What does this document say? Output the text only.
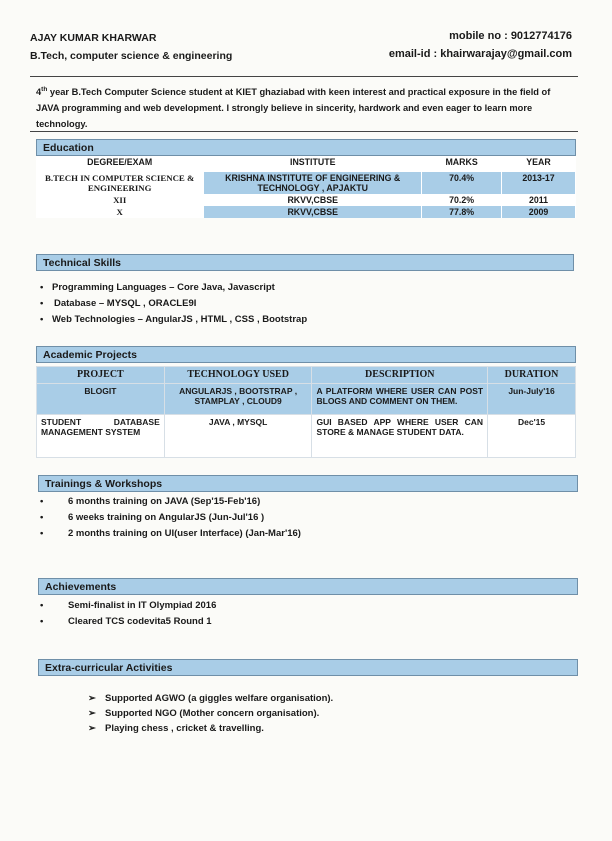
AJAY KUMAR KHARWAR
B.Tech, computer science & engineering
mobile no : 9012774176
email-id : khairwarajay@gmail.com
4th year B.Tech Computer Science student at KIET ghaziabad with keen interest and practical exposure in the field of JAVA programming and web development. I strongly believe in sincerity, hardwork and even eager to learn more technology.
Education
DEGREE/EXAM	INSTITUTE	MARKS	YEAR
B.TECH IN COMPUTER SCIENCE & ENGINEERING	KRISHNA INSTITUTE OF ENGINEERING & TECHNOLOGY , APJAKTU	70.4%	2013-17
XII	RKVV,CBSE	70.2%	2011
X	RKVV,CBSE	77.8%	2009
Technical Skills
• Programming Languages – Core Java, Javascript
• Database – MYSQL , ORACLE9I
• Web Technologies – AngularJS , HTML , CSS , Bootstrap
Academic Projects
PROJECT	TECHNOLOGY USED	DESCRIPTION	DURATION
BLOGIT	ANGULARJS , BOOTSTRAP , STAMPLAY , CLOUD9	A PLATFORM WHERE USER CAN POST BLOGS AND COMMENT ON THEM.	Jun-July'16
STUDENT DATABASE MANAGEMENT SYSTEM	JAVA , MYSQL	GUI BASED APP WHERE USER CAN STORE & MANAGE STUDENT DATA.	Dec'15
Trainings & Workshops
•	6 months training on JAVA (Sep'15-Feb'16)
•	6 weeks training on AngularJS (Jun-Jul'16 )
•	2 months training on UI(user Interface) (Jan-Mar'16)
Achievements
•	Semi-finalist in IT Olympiad 2016
•	Cleared TCS codevita5 Round 1
Extra-curricular Activities
➢ Supported AGWO (a giggles welfare organisation).
➢ Supported NGO (Mother concern organisation).
➢ Playing chess , cricket & travelling.
